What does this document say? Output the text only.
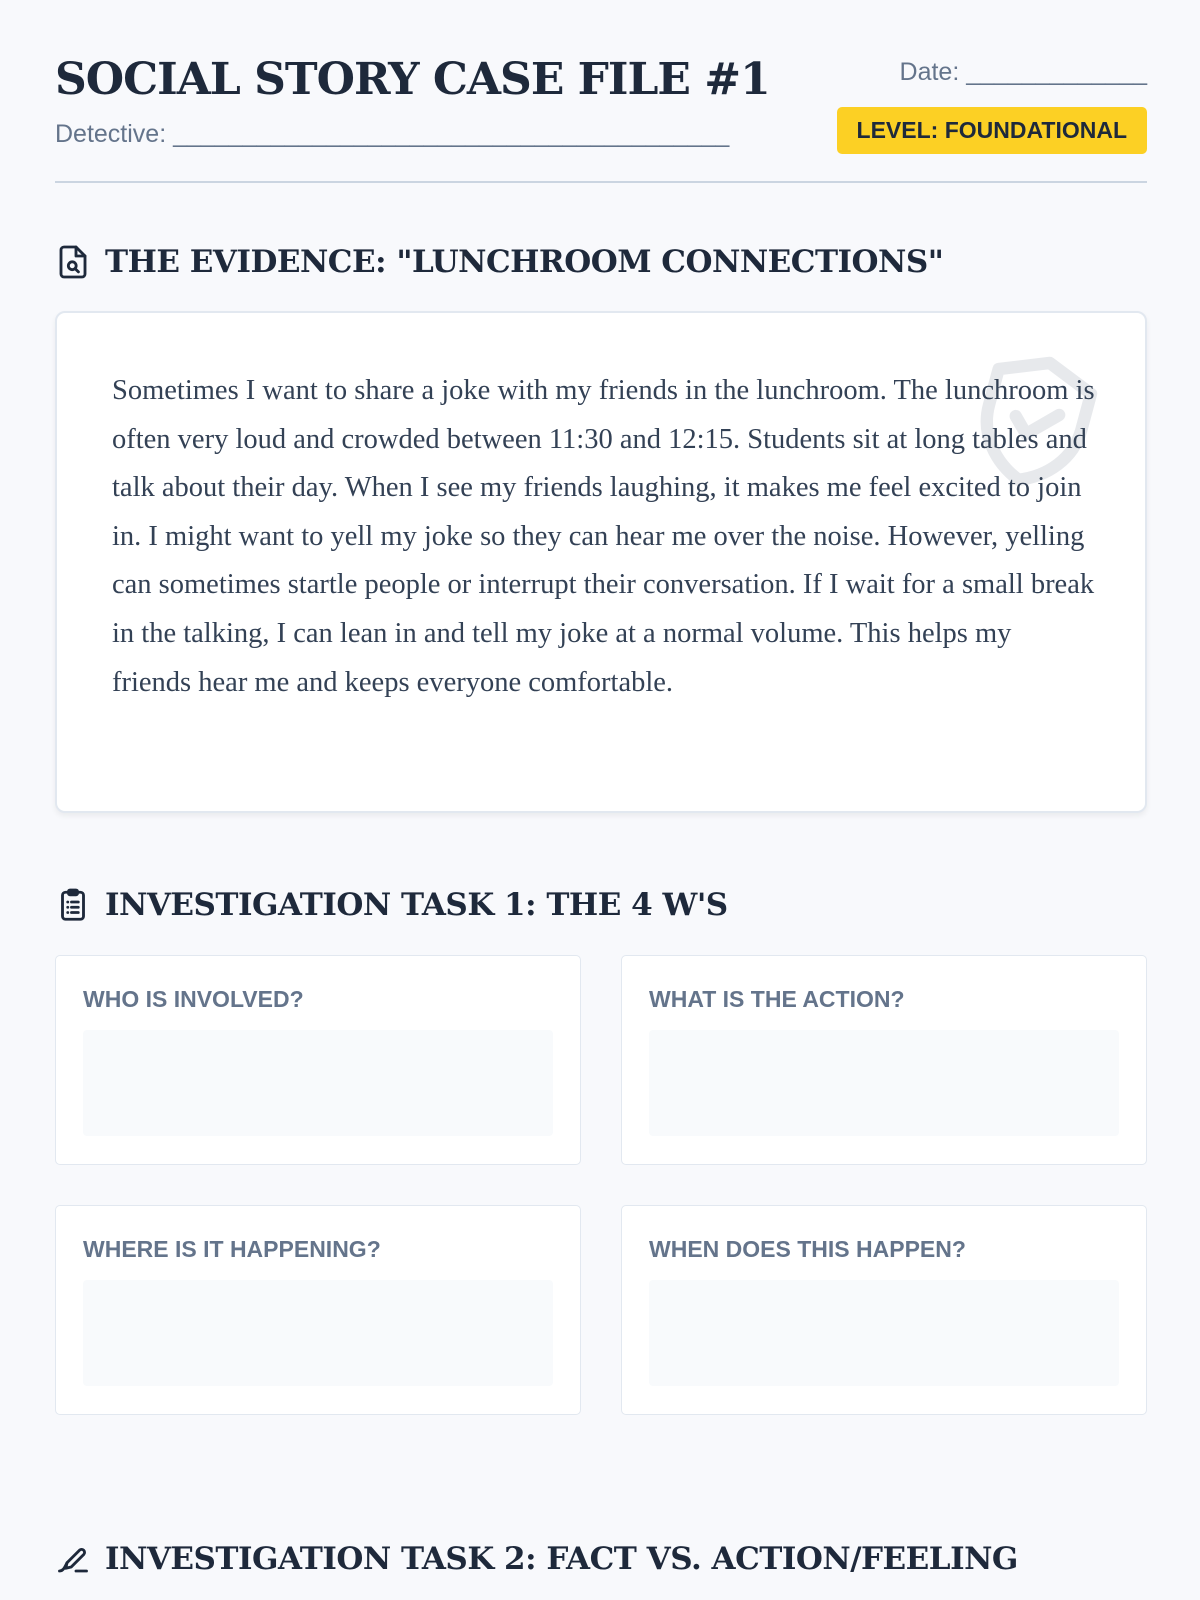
SOCIAL STORY CASE FILE #1
Detective: ________________________________________
Date: _____________
LEVEL: FOUNDATIONAL
THE EVIDENCE: "LUNCHROOM CONNECTIONS"

Sometimes I want to share a joke with my friends in the lunchroom. The lunchroom is often very loud and crowded between 11:30 and 12:15. Students sit at long tables and talk about their day. When I see my friends laughing, it makes me feel excited to join in. I might want to yell my joke so they can hear me over the noise. However, yelling can sometimes startle people or interrupt their conversation. If I wait for a small break in the talking, I can lean in and tell my joke at a normal volume. This helps my friends hear me and keeps everyone comfortable.

INVESTIGATION TASK 1: THE 4 W'S
WHO IS INVOLVED?	WHAT IS THE ACTION?
WHERE IS IT HAPPENING?	WHEN DOES THIS HAPPEN?
INVESTIGATION TASK 2: FACT VS. ACTION/FEELING
